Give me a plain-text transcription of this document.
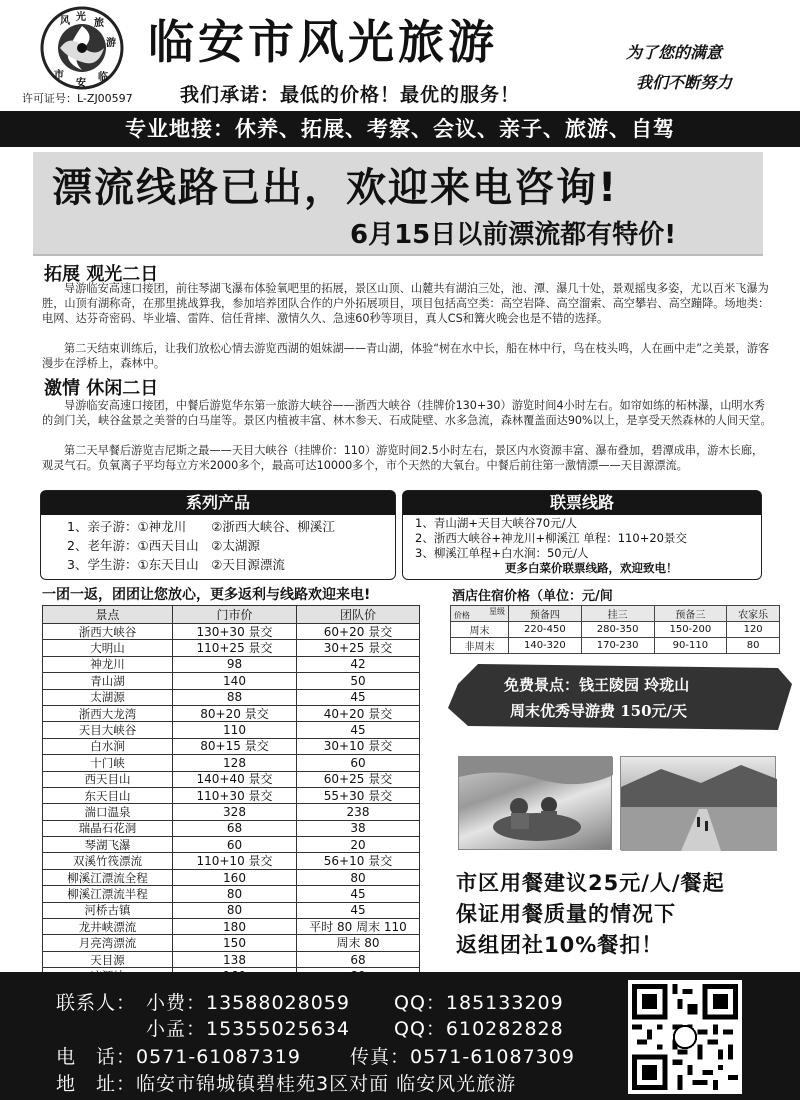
风 光
旅
游
市
安
临
临安市风光旅游	为了您的满意
我们不断努力
许可证号：L-ZJ00597 我们承诺：最低的价格！最优的服务！
专业地接：休养、拓展、考察、会议、亲子、旅游、自驾
漂流线路已出，欢迎来电咨询!
6月15日以前漂流都有特价!
拓展 观光二日

导游临安高速口接团，前往琴湖飞瀑布体验氧吧里的拓展，景区山顶、山麓共有湖泊三处，池、潭、瀑几十处，景观摇曳多姿，尤以百米飞瀑为胜，山顶有湖称奇，在那里挑战算我，参加培养团队合作的户外拓展项目，项目包括高空类：高空岩降、高空溜索、高空攀岩、高空蹦降。场地类：电网、达芬奇密码、毕业墙、雷阵、信任背摔、激情久久、急速60秒等项目，真人CS和篝火晚会也是不错的选择。

第二天结束训练后，让我们放松心情去游览西湖的姐妹湖——青山湖，体验“树在水中长，船在林中行，鸟在枝头鸣，人在画中走”之美景，游客漫步在浮桥上，森林中。

激情 休闲二日

导游临安高速口接团，中餐后游览华东第一旅游大峡谷——浙西大峡谷（挂牌价130+30）游览时间4小时左右。如帘如练的柘林瀑，山明水秀的剑门关，峡谷盆景之美誉的白马崖等。景区内植被丰富、林木参天、石成陡壁、水多急流，森林覆盖面达90%以上，是享受天然森林的人间天堂。

第二天早餐后游览吉尼斯之最——天目大峡谷（挂牌价：110）游览时间2.5小时左右，景区内水资源丰富、瀑布叠加，碧潭成串，游木长廊，观灵气石。负氧离子平均每立方米2000多个，最高可达10000多个，市个天然的大氧台。中餐后前往第一激情漂——天目源漂流。

系列产品
1、亲子游：①神龙川　　②浙西大峡谷、柳溪江
2、老年游：①西天目山　②太湖源
3、学生游：①东天目山　②天目源漂流
联票线路
1、青山湖+天目大峡谷70元/人
2、浙西大峡谷+神龙川+柳溪江 单程：110+20景交
3、柳溪江单程+白水涧：50元/人
更多白菜价联票线路，欢迎致电！
一团一返，团团让您放心，更多返利与线路欢迎来电!
景点	门市价	团队价
浙西大峡谷	130+30 景交	60+20 景交
大明山	110+25 景交	30+25 景交
神龙川	98	42
青山湖	140	50
太湖源	88	45
浙西大龙湾	80+20 景交	40+20 景交
天目大峡谷	110	45
白水涧	80+15 景交	30+10 景交
十门峡	128	60
西天目山	140+40 景交	60+25 景交
东天目山	110+30 景交	55+30 景交
湍口温泉	328	238
瑞晶石花洞	68	38
琴湖飞瀑	60	20
双溪竹筏漂流	110+10 景交	56+10 景交
柳溪江漂流全程	160	80
柳溪江漂流半程	80	45
河桥古镇	80	45
龙井峡漂流	180	平时 80 周末 110
月亮湾漂流	150	周末 80
天目源	138	68

酒店住宿价格（单位：元/间
星级
价格	预备四	挂三	预备三	农家乐
周末	220-450	280-350	150-200	120
非周末	140-320	170-230	90-110	80
免费景点：钱王陵园 玲珑山
周末优秀导游费 150元/天
市区用餐建议25元/人/餐起
保证用餐质量的情况下
返组团社10%餐扣！
联系人： 小费：13588028059 QQ：185133209
小孟：15355025634 QQ：610282828
电　话：0571-61087319	传真：0571-61087309
地　址：临安市锦城镇碧桂苑3区对面 临安风光旅游
